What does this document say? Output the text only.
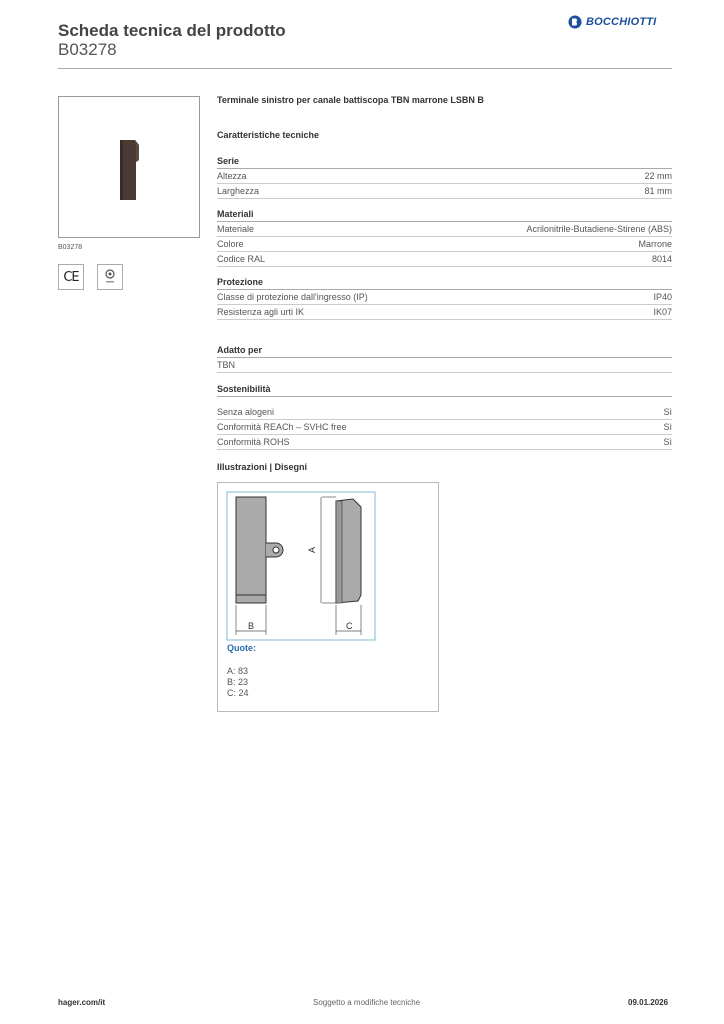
Scheda tecnica del prodotto
B03278
BOCCHIOTTI
B03278
CE
Terminale sinistro per canale battiscopa TBN marrone LSBN B
Caratteristiche tecniche
Serie
Altezza	22 mm
Larghezza	81 mm
Materiali
Materiale	Acrilonitrile-Butadiene-Stirene (ABS)
Colore	Marrone
Codice RAL	8014
Protezione
Classe di protezione dall'ingresso (IP)	IP40
Resistenza agli urti IK	IK07
Adatto per
TBN
Sostenibilità
Senza alogeni	Sì
Conformità REACh – SVHC free	Sì
Conformità ROHS	Sì
Illustrazioni | Disegni
B
A
C
Quote:
A: 83
B: 23
C: 24
hager.com/it	Soggetto a modifiche tecniche	09.01.2026
